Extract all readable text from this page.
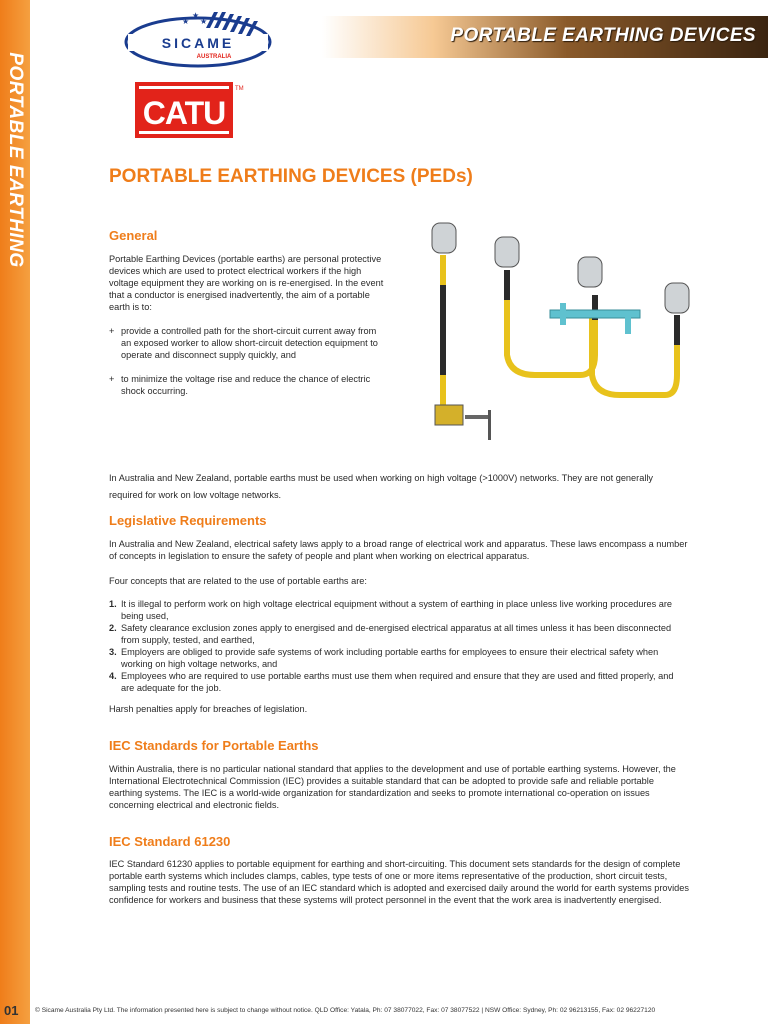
PORTABLE EARTHING
01
SICAME
AUSTRALIA
★
★ ★
PORTABLE EARTHING DEVICES
CATU
TM
PORTABLE EARTHING DEVICES (PEDs)
General
Portable Earthing Devices (portable earths) are personal protective devices which are used to protect electrical workers if the high voltage equipment they are working on is re-energised. In the event that a conductor is energised inadvertently, the aim of a portable earth is to:
+ provide a controlled path for the short-circuit current away from an exposed worker to allow short-circuit detection equipment to operate and disconnect supply quickly, and
+ to minimize the voltage rise and reduce the chance of electric shock occurring.
In Australia and New Zealand, portable earths must be used when working on high voltage (>1000V) networks. They are not generally required for work on low voltage networks.
Legislative Requirements
In Australia and New Zealand, electrical safety laws apply to a broad range of electrical work and apparatus. These laws encompass a number of concepts in legislation to ensure the safety of people and plant when working on electrical apparatus.
Four concepts that are related to the use of portable earths are:
1. It is illegal to perform work on high voltage electrical equipment without a system of earthing in place unless live working procedures are being used,
2. Safety clearance exclusion zones apply to energised and de-energised electrical apparatus at all times unless it has been disconnected from supply, tested, and earthed,
3. Employers are obliged to provide safe systems of work including portable earths for employees to ensure their electrical safety when working on high voltage networks, and
4. Employees who are required to use portable earths must use them when required and ensure that they are used and fitted properly, and are adequate for the job.
Harsh penalties apply for breaches of legislation.
IEC Standards for Portable Earths
Within Australia, there is no particular national standard that applies to the development and use of portable earthing systems. However, the International Electrotechnical Commission (IEC) provides a suitable standard that can be adopted to provide safe and reliable portable earthing systems. The IEC is a world-wide organization for standardization and seeks to promote international co-operation on issues concerning electrical and electronic fields.
IEC Standard 61230
IEC Standard 61230 applies to portable equipment for earthing and short-circuiting. This document sets standards for the design of complete portable earth systems which includes clamps, cables, type tests of one or more items representative of the production, short circuit tests, sampling tests and routine tests. The use of an IEC standard which is adopted and exercised daily around the world for earth systems provides confidence for workers and business that these systems will protect personnel in the event that the work area is inadvertently energised.
© Sicame Australia Pty Ltd. The information presented here is subject to change without notice. QLD Office: Yatala, Ph: 07 38077022, Fax: 07 38077522 | NSW Office: Sydney, Ph: 02 96213155, Fax: 02 96227120
